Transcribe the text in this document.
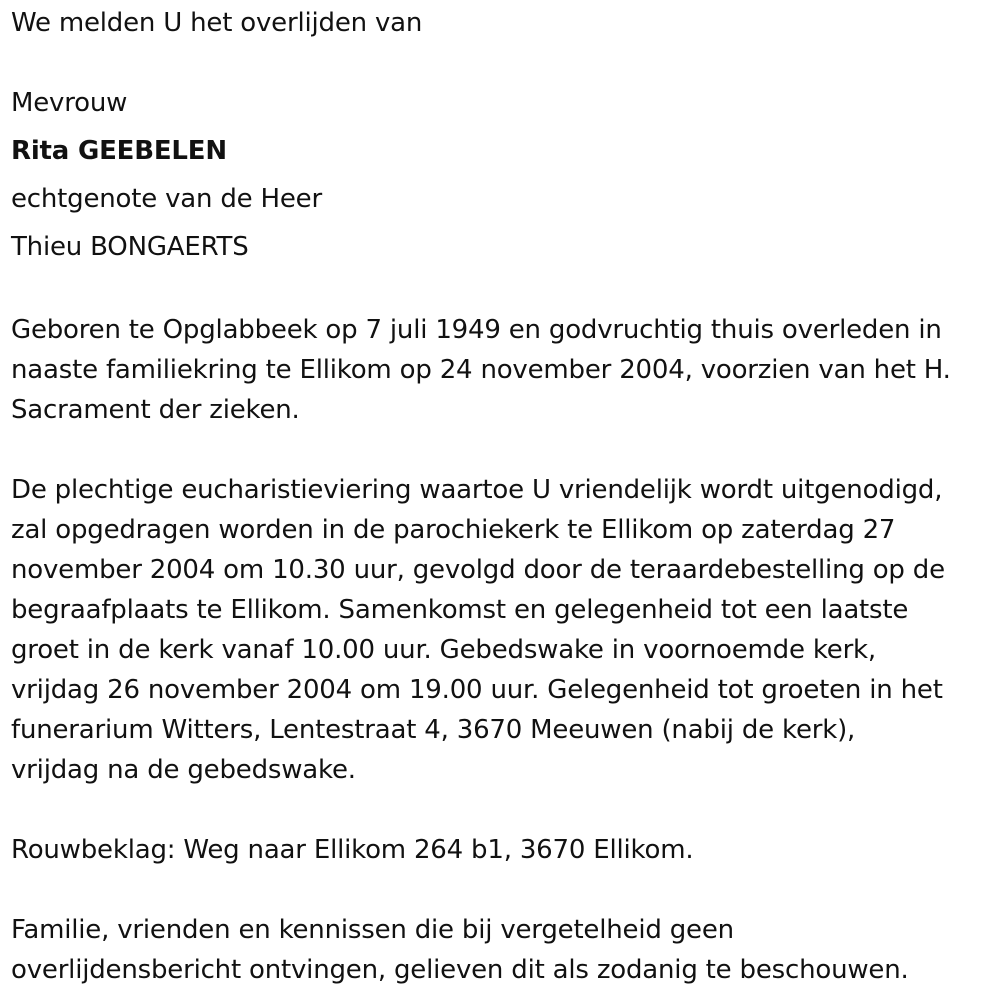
We melden U het overlijden van

Mevrouw

Rita GEEBELEN

echtgenote van de Heer

Thieu BONGAERTS

Geboren te Opglabbeek op 7 juli 1949 en godvruchtig thuis overleden in
naaste familiekring te Ellikom op 24 november 2004, voorzien van het H.
Sacrament der zieken.
De plechtige eucharistieviering waartoe U vriendelijk wordt uitgenodigd,
zal opgedragen worden in de parochiekerk te Ellikom op zaterdag 27
november 2004 om 10.30 uur, gevolgd door de teraardebestelling op de
begraafplaats te Ellikom. Samenkomst en gelegenheid tot een laatste
groet in de kerk vanaf 10.00 uur. Gebedswake in voornoemde kerk,
vrijdag 26 november 2004 om 19.00 uur. Gelegenheid tot groeten in het
funerarium Witters, Lentestraat 4, 3670 Meeuwen (nabij de kerk),
vrijdag na de gebedswake.
Rouwbeklag: Weg naar Ellikom 264 b1, 3670 Ellikom.
Familie, vrienden en kennissen die bij vergetelheid geen
overlijdensbericht ontvingen, gelieven dit als zodanig te beschouwen.
